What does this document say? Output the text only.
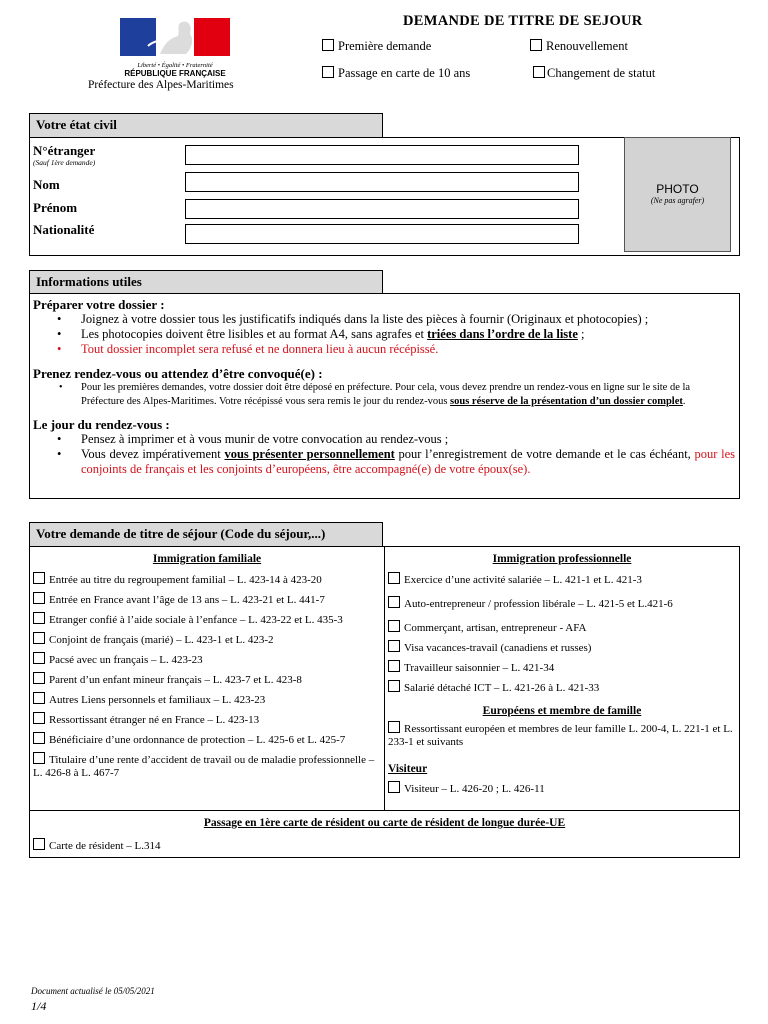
Liberté • Égalité • Fraternité
RÉPUBLIQUE FRANÇAISE
Préfecture des Alpes-Maritimes
DEMANDE DE TITRE DE SEJOUR
Première demande	Renouvellement
Passage en carte de 10 ans	Changement de statut
Votre état civil
N°étranger
(Sauf 1ère demande)
Nom
Prénom
Nationalité
PHOTO
(Ne pas agrafer)
Informations utiles
Préparer votre dossier :
• Joignez à votre dossier tous les justificatifs indiqués dans la liste des pièces à fournir (Originaux et photocopies) ;
• Les photocopies doivent être lisibles et au format A4, sans agrafes et triées dans l’ordre de la liste ;
• Tout dossier incomplet sera refusé et ne donnera lieu à aucun récépissé.
Prenez rendez-vous ou attendez d’être convoqué(e) :
• Pour les premières demandes, votre dossier doit être déposé en préfecture. Pour cela, vous devez prendre un rendez-vous en ligne sur le site de la Préfecture des Alpes-Maritimes. Votre récépissé vous sera remis le jour du rendez-vous sous réserve de la présentation d’un dossier complet.
Le jour du rendez-vous :
• Pensez à imprimer et à vous munir de votre convocation au rendez-vous ;
• Vous devez impérativement vous présenter personnellement pour l’enregistrement de votre demande et le cas échéant, pour les conjoints de français et les conjoints d’européens, être accompagné(e) de votre époux(se).
Votre demande de titre de séjour (Code du séjour,...)
Immigration familiale
Entrée au titre du regroupement familial – L. 423-14 à 423-20
Entrée en France avant l’âge de 13 ans – L. 423-21 et L. 441-7
Etranger confié à l’aide sociale à l’enfance – L. 423-22 et L. 435-3
Conjoint de français (marié) – L. 423-1 et L. 423-2
Pacsé avec un français – L. 423-23
Parent d’un enfant mineur français – L. 423-7 et L. 423-8
Autres Liens personnels et familiaux – L. 423-23
Ressortissant étranger né en France – L. 423-13
Bénéficiaire d’une ordonnance de protection – L. 425-6 et L. 425-7
Titulaire d’une rente d’accident de travail ou de maladie professionnelle – L. 426-8 à L. 467-7
Immigration professionnelle
Exercice d’une activité salariée – L. 421-1 et L. 421-3
Auto-entrepreneur / profession libérale – L. 421-5 et L.421-6
Commerçant, artisan, entrepreneur - AFA
Visa vacances-travail (canadiens et russes)
Travailleur saisonnier – L. 421-34
Salarié détaché ICT – L. 421-26 à L. 421-33
Européens et membre de famille
Ressortissant européen et membres de leur famille L. 200-4, L. 221-1 et L. 233-1 et suivants
Visiteur
Visiteur – L. 426-20 ; L. 426-11
Passage en 1ère carte de résident ou carte de résident de longue durée-UE
Carte de résident – L.314
Document actualisé le 05/05/2021
1/4
